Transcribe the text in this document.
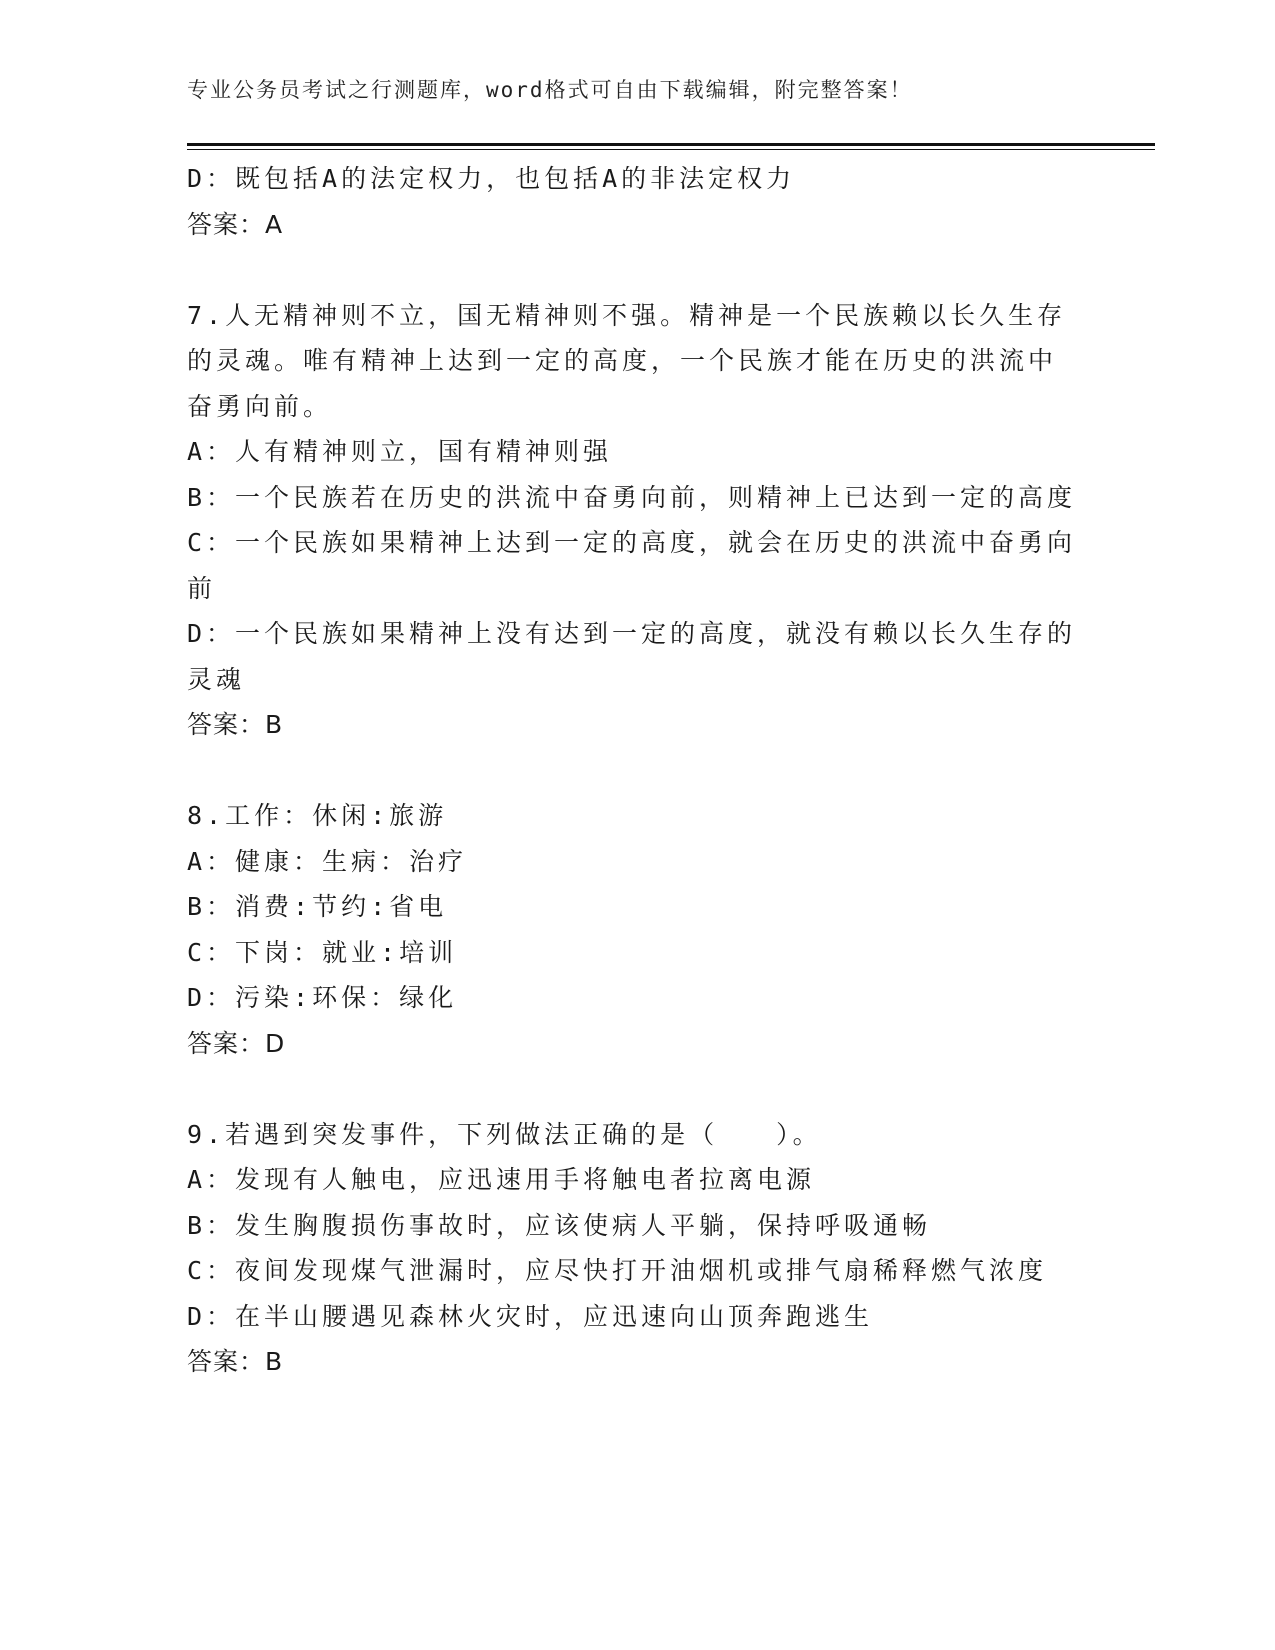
专业公务员考试之行测题库，word格式可自由下载编辑，附完整答案！
D：既包括A的法定权力，也包括A的非法定权力
答案：A
7.人无精神则不立，国无精神则不强。精神是一个民族赖以长久生存
的灵魂。唯有精神上达到一定的高度，一个民族才能在历史的洪流中
奋勇向前。
A：人有精神则立，国有精神则强
B：一个民族若在历史的洪流中奋勇向前，则精神上已达到一定的高度
C：一个民族如果精神上达到一定的高度，就会在历史的洪流中奋勇向
前
D：一个民族如果精神上没有达到一定的高度，就没有赖以长久生存的
灵魂
答案：B
8.工作：休闲:旅游
A：健康：生病：治疗
B：消费:节约:省电
C：下岗：就业:培训
D：污染:环保：绿化
答案：D
9.若遇到突发事件，下列做法正确的是（　　）。
A：发现有人触电，应迅速用手将触电者拉离电源
B：发生胸腹损伤事故时，应该使病人平躺，保持呼吸通畅
C：夜间发现煤气泄漏时，应尽快打开油烟机或排气扇稀释燃气浓度
D：在半山腰遇见森林火灾时，应迅速向山顶奔跑逃生
答案：B
